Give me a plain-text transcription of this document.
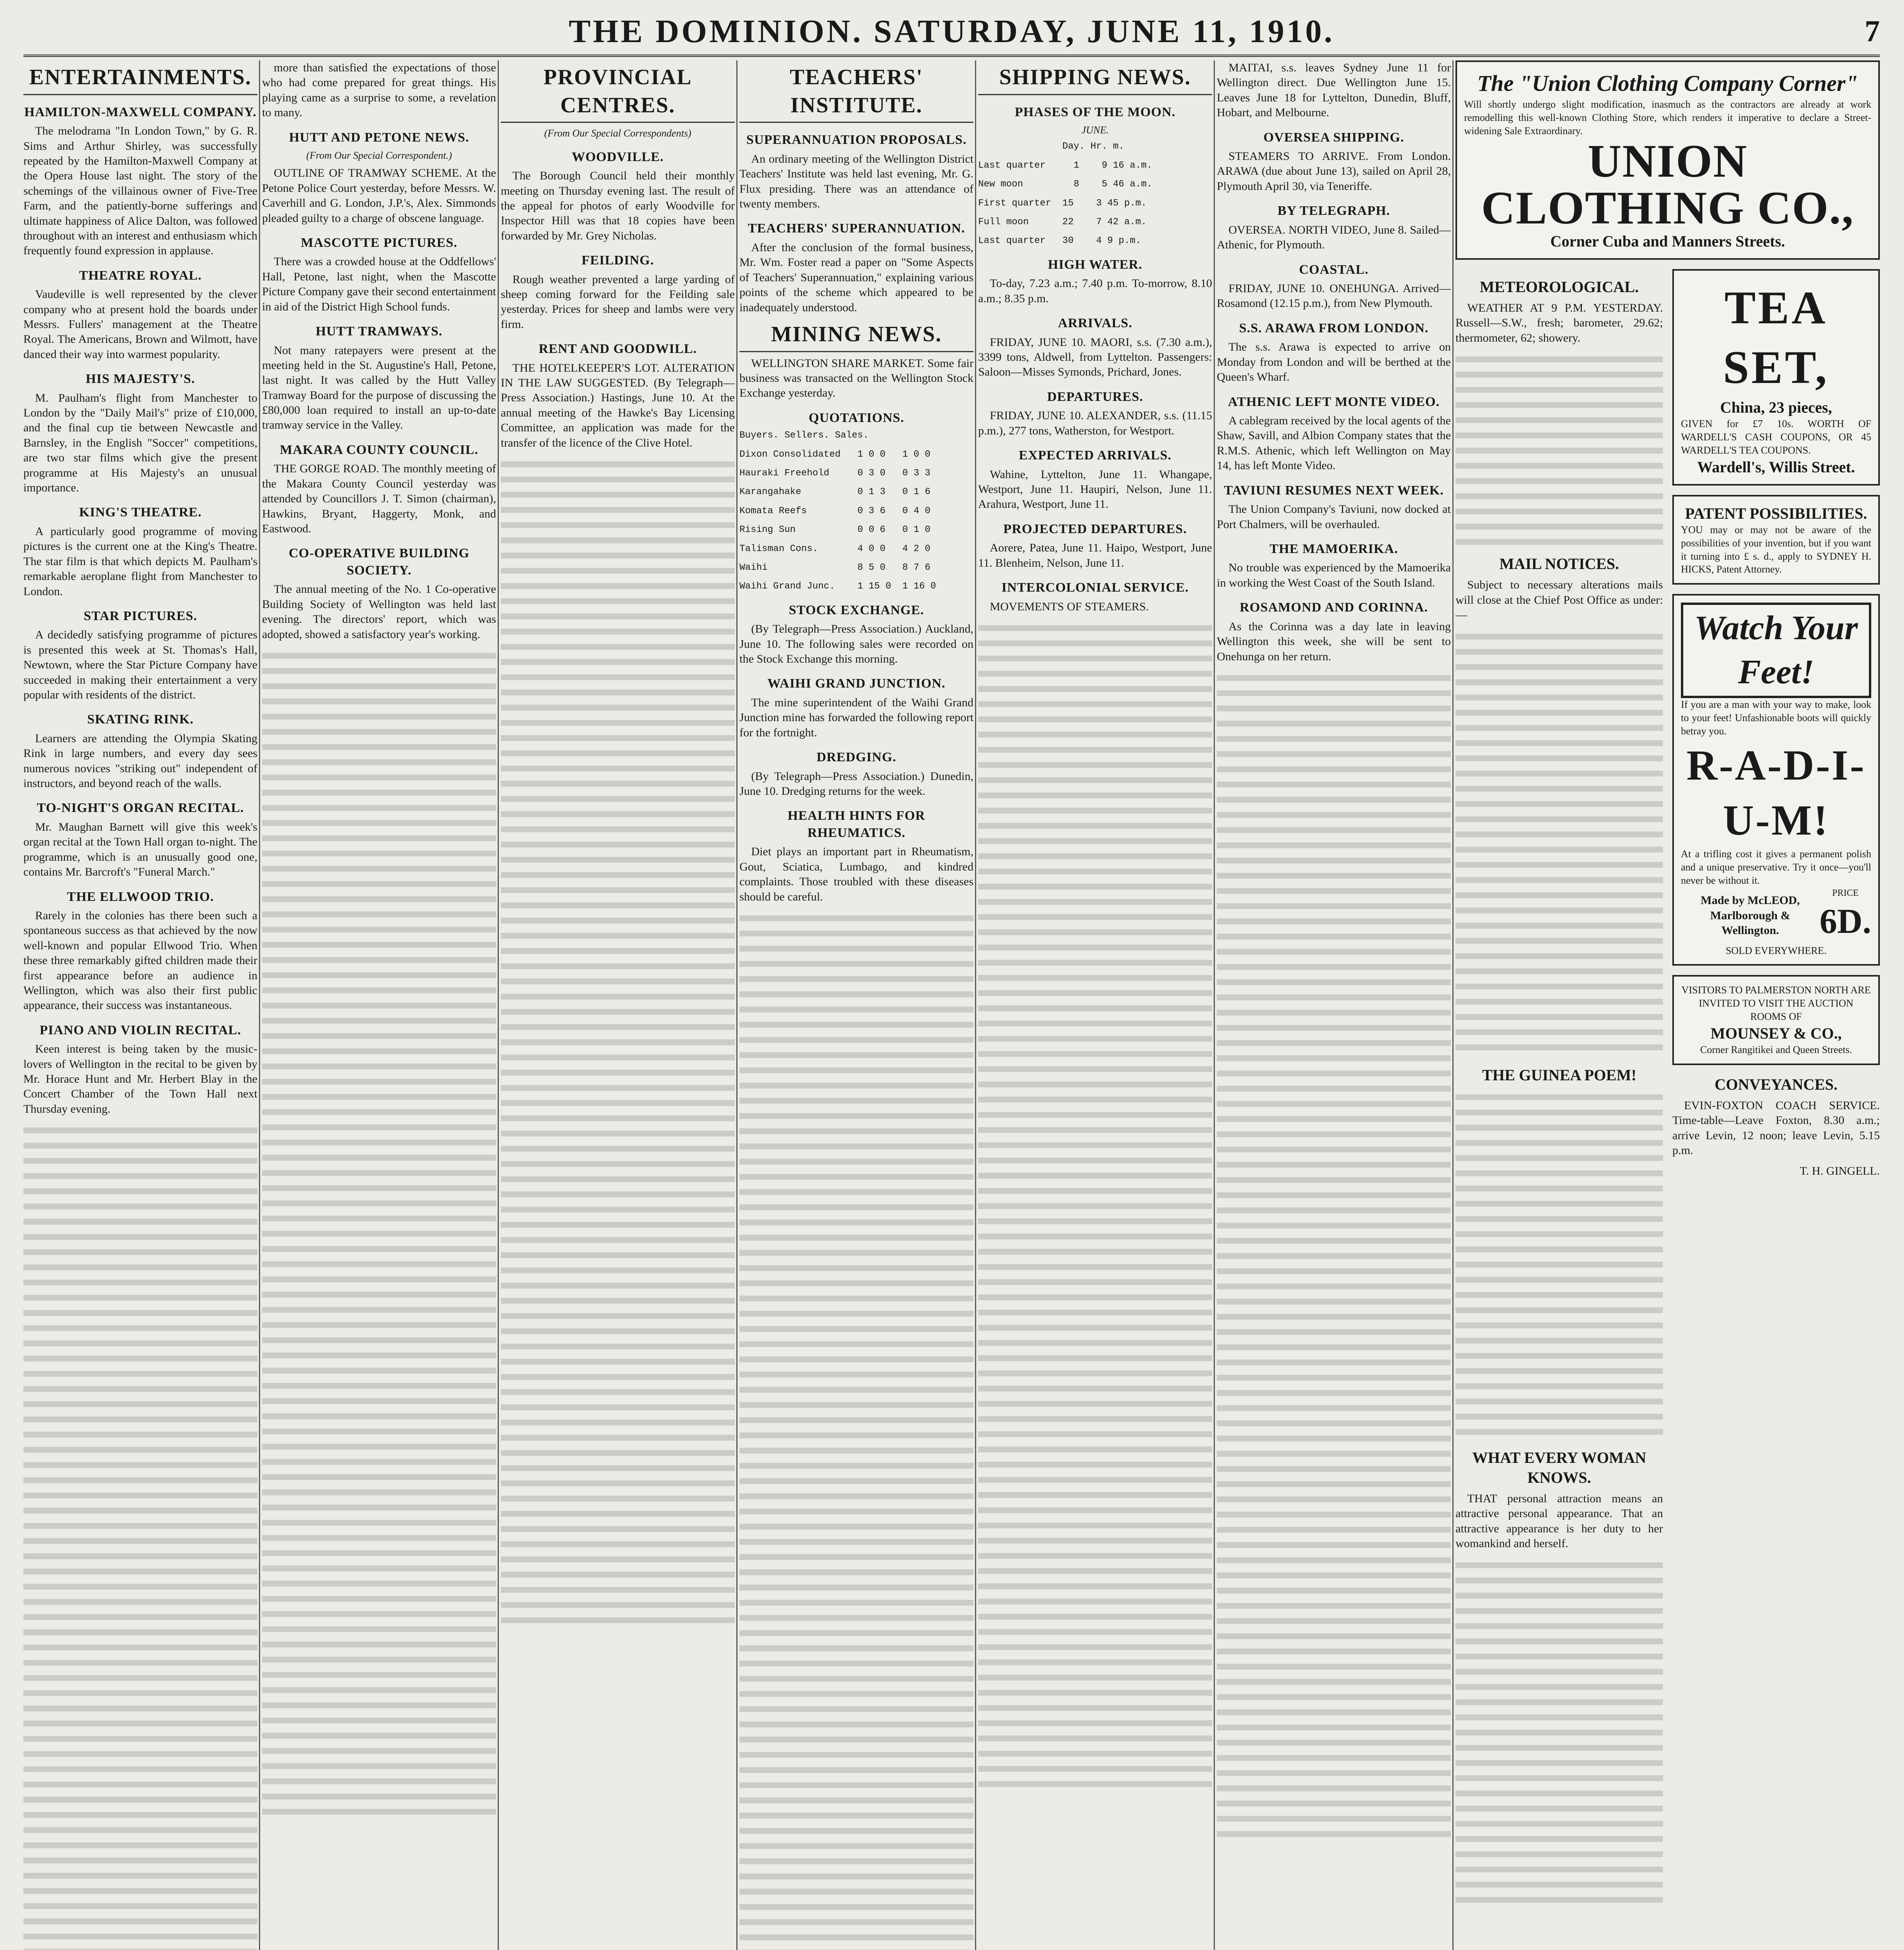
THE DOMINION. SATURDAY, JUNE 11, 1910.	7
ENTERTAINMENTS.
HAMILTON-MAXWELL COMPANY.

The melodrama "In London Town," by G. R. Sims and Arthur Shirley, was successfully repeated by the Hamilton-Maxwell Company at the Opera House last night. The story of the schemings of the villainous owner of Five-Tree Farm, and the patiently-borne sufferings and ultimate happiness of Alice Dalton, was followed throughout with an interest and enthusiasm which frequently found expression in applause.

THEATRE ROYAL.

Vaudeville is well represented by the clever company who at present hold the boards under Messrs. Fullers' management at the Theatre Royal. The Americans, Brown and Wilmott, have danced their way into warmest popularity.

HIS MAJESTY'S.

M. Paulham's flight from Manchester to London by the "Daily Mail's" prize of £10,000, and the final cup tie between Newcastle and Barnsley, in the English "Soccer" competitions, are two star films which give the present programme at His Majesty's an unusual importance.

KING'S THEATRE.

A particularly good programme of moving pictures is the current one at the King's Theatre. The star film is that which depicts M. Paulham's remarkable aeroplane flight from Manchester to London.

STAR PICTURES.

A decidedly satisfying programme of pictures is presented this week at St. Thomas's Hall, Newtown, where the Star Picture Company have succeeded in making their entertainment a very popular with residents of the district.

SKATING RINK.

Learners are attending the Olympia Skating Rink in large numbers, and every day sees numerous novices "striking out" independent of instructors, and beyond reach of the walls.

TO-NIGHT'S ORGAN RECITAL.

Mr. Maughan Barnett will give this week's organ recital at the Town Hall organ to-night. The programme, which is an unusually good one, contains Mr. Barcroft's "Funeral March."

THE ELLWOOD TRIO.

Rarely in the colonies has there been such a spontaneous success as that achieved by the now well-known and popular Ellwood Trio. When these three remarkably gifted children made their first appearance before an audience in Wellington, which was also their first public appearance, their success was instantaneous.

PIANO AND VIOLIN RECITAL.

Keen interest is being taken by the music-lovers of Wellington in the recital to be given by Mr. Horace Hunt and Mr. Herbert Blay in the Concert Chamber of the Town Hall next Thursday evening.

more than satisfied the expectations of those who had come prepared for great things. His playing came as a surprise to some, a revelation to many.

HUTT AND PETONE NEWS.
(From Our Special Correspondent.)

OUTLINE OF TRAMWAY SCHEME. At the Petone Police Court yesterday, before Messrs. W. Caverhill and G. London, J.P.'s, Alex. Simmonds pleaded guilty to a charge of obscene language.

MASCOTTE PICTURES.

There was a crowded house at the Oddfellows' Hall, Petone, last night, when the Mascotte Picture Company gave their second entertainment in aid of the District High School funds.

HUTT TRAMWAYS.

Not many ratepayers were present at the meeting held in the St. Augustine's Hall, Petone, last night. It was called by the Hutt Valley Tramway Board for the purpose of discussing the £80,000 loan required to install an up-to-date tramway service in the Valley.

MAKARA COUNTY COUNCIL.

THE GORGE ROAD. The monthly meeting of the Makara County Council yesterday was attended by Councillors J. T. Simon (chairman), Hawkins, Bryant, Haggerty, Monk, and Eastwood.

CO-OPERATIVE BUILDING SOCIETY.

The annual meeting of the No. 1 Co-operative Building Society of Wellington was held last evening. The directors' report, which was adopted, showed a satisfactory year's working.

PROVINCIAL CENTRES.
(From Our Special Correspondents)
WOODVILLE.

The Borough Council held their monthly meeting on Thursday evening last. The result of the appeal for photos of early Woodville for Inspector Hill was that 18 copies have been forwarded by Mr. Grey Nicholas.

FEILDING.

Rough weather prevented a large yarding of sheep coming forward for the Feilding sale yesterday. Prices for sheep and lambs were very firm.

RENT AND GOODWILL.

THE HOTELKEEPER'S LOT. ALTERATION IN THE LAW SUGGESTED. (By Telegraph—Press Association.) Hastings, June 10. At the annual meeting of the Hawke's Bay Licensing Committee, an application was made for the transfer of the licence of the Clive Hotel.

TEACHERS' INSTITUTE.
SUPERANNUATION PROPOSALS.

An ordinary meeting of the Wellington District Teachers' Institute was held last evening, Mr. G. Flux presiding. There was an attendance of twenty members.

TEACHERS' SUPERANNUATION.

After the conclusion of the formal business, Mr. Wm. Foster read a paper on "Some Aspects of Teachers' Superannuation," explaining various points of the scheme which appeared to be inadequately understood.

MINING NEWS.

WELLINGTON SHARE MARKET. Some fair business was transacted on the Wellington Stock Exchange yesterday.

QUOTATIONS.
Buyers. Sellers. Sales.
Dixon Consolidated   1 0 0   1 0 0
Hauraki Freehold     0 3 0   0 3 3
Karangahake          0 1 3   0 1 6
Komata Reefs         0 3 6   0 4 0
Rising Sun           0 0 6   0 1 0
Talisman Cons.       4 0 0   4 2 0
Waihi                8 5 0   8 7 6
Waihi Grand Junc.    1 15 0  1 16 0
STOCK EXCHANGE.

(By Telegraph—Press Association.) Auckland, June 10. The following sales were recorded on the Stock Exchange this morning.

WAIHI GRAND JUNCTION.

The mine superintendent of the Waihi Grand Junction mine has forwarded the following report for the fortnight.

DREDGING.

(By Telegraph—Press Association.) Dunedin, June 10. Dredging returns for the week.

HEALTH HINTS FOR RHEUMATICS.

Diet plays an important part in Rheumatism, Gout, Sciatica, Lumbago, and kindred complaints. Those troubled with these diseases should be careful.

SHIPPING NEWS.
PHASES OF THE MOON.
JUNE.
Day. Hr. m.
Last quarter     1    9 16 a.m.
New moon         8    5 46 a.m.
First quarter  15    3 45 p.m.
Full moon      22    7 42 a.m.
Last quarter   30    4 9 p.m.
HIGH WATER.

To-day, 7.23 a.m.; 7.40 p.m. To-morrow, 8.10 a.m.; 8.35 p.m.

ARRIVALS.

FRIDAY, JUNE 10. MAORI, s.s. (7.30 a.m.), 3399 tons, Aldwell, from Lyttelton. Passengers: Saloon—Misses Symonds, Prichard, Jones.

DEPARTURES.

FRIDAY, JUNE 10. ALEXANDER, s.s. (11.15 p.m.), 277 tons, Watherston, for Westport.

EXPECTED ARRIVALS.

Wahine, Lyttelton, June 11. Whangape, Westport, June 11. Haupiri, Nelson, June 11. Arahura, Westport, June 11.

PROJECTED DEPARTURES.

Aorere, Patea, June 11. Haipo, Westport, June 11. Blenheim, Nelson, June 11.

INTERCOLONIAL SERVICE.

MOVEMENTS OF STEAMERS.

MAITAI, s.s. leaves Sydney June 11 for Wellington direct. Due Wellington June 15. Leaves June 18 for Lyttelton, Dunedin, Bluff, Hobart, and Melbourne.

OVERSEA SHIPPING.

STEAMERS TO ARRIVE. From London. ARAWA (due about June 13), sailed on April 28, Plymouth April 30, via Teneriffe.

BY TELEGRAPH.

OVERSEA. NORTH VIDEO, June 8. Sailed—Athenic, for Plymouth.

COASTAL.

FRIDAY, JUNE 10. ONEHUNGA. Arrived—Rosamond (12.15 p.m.), from New Plymouth.

S.S. ARAWA FROM LONDON.

The s.s. Arawa is expected to arrive on Monday from London and will be berthed at the Queen's Wharf.

ATHENIC LEFT MONTE VIDEO.

A cablegram received by the local agents of the Shaw, Savill, and Albion Company states that the R.M.S. Athenic, which left Wellington on May 14, has left Monte Video.

TAVIUNI RESUMES NEXT WEEK.

The Union Company's Taviuni, now docked at Port Chalmers, will be overhauled.

THE MAMOERIKA.

No trouble was experienced by the Mamoerika in working the West Coast of the South Island.

ROSAMOND AND CORINNA.

As the Corinna was a day late in leaving Wellington this week, she will be sent to Onehunga on her return.

The "Union Clothing Company Corner"
Will shortly undergo slight modification, inasmuch as the contractors are already at work remodelling this well-known Clothing Store, which renders it imperative to declare a Street-widening Sale Extraordinary.
UNION CLOTHING CO.,
Corner Cuba and Manners Streets.
METEOROLOGICAL.

WEATHER AT 9 P.M. YESTERDAY. Russell—S.W., fresh; barometer, 29.62; thermometer, 62; showery.

MAIL NOTICES.

Subject to necessary alterations mails will close at the Chief Post Office as under:—

THE GUINEA POEM!
WHAT EVERY WOMAN KNOWS.

THAT personal attraction means an attractive personal appearance. That an attractive appearance is her duty to her womankind and herself.

TEA SET,
China, 23 pieces,
GIVEN for £7 10s. WORTH OF WARDELL'S CASH COUPONS, OR 45 WARDELL'S TEA COUPONS.
Wardell's, Willis Street.
PATENT POSSIBILITIES.
YOU may or may not be aware of the possibilities of your invention, but if you want it turning into £ s. d., apply to SYDNEY H. HICKS, Patent Attorney.
Watch Your Feet!
If you are a man with your way to make, look to your feet! Unfashionable boots will quickly betray you.
R-A-D-I-U-M!
At a trifling cost it gives a permanent polish and a unique preservative. Try it once—you'll never be without it.
Made by McLEOD, Marlborough & Wellington.
PRICE
6D.
SOLD EVERYWHERE.
VISITORS TO PALMERSTON NORTH ARE INVITED TO VISIT THE AUCTION ROOMS OF
MOUNSEY & CO.,
Corner Rangitikei and Queen Streets.
CONVEYANCES.

EVIN-FOXTON COACH SERVICE. Time-table—Leave Foxton, 8.30 a.m.; arrive Levin, 12 noon; leave Levin, 5.15 p.m.

T. H. GINGELL.
